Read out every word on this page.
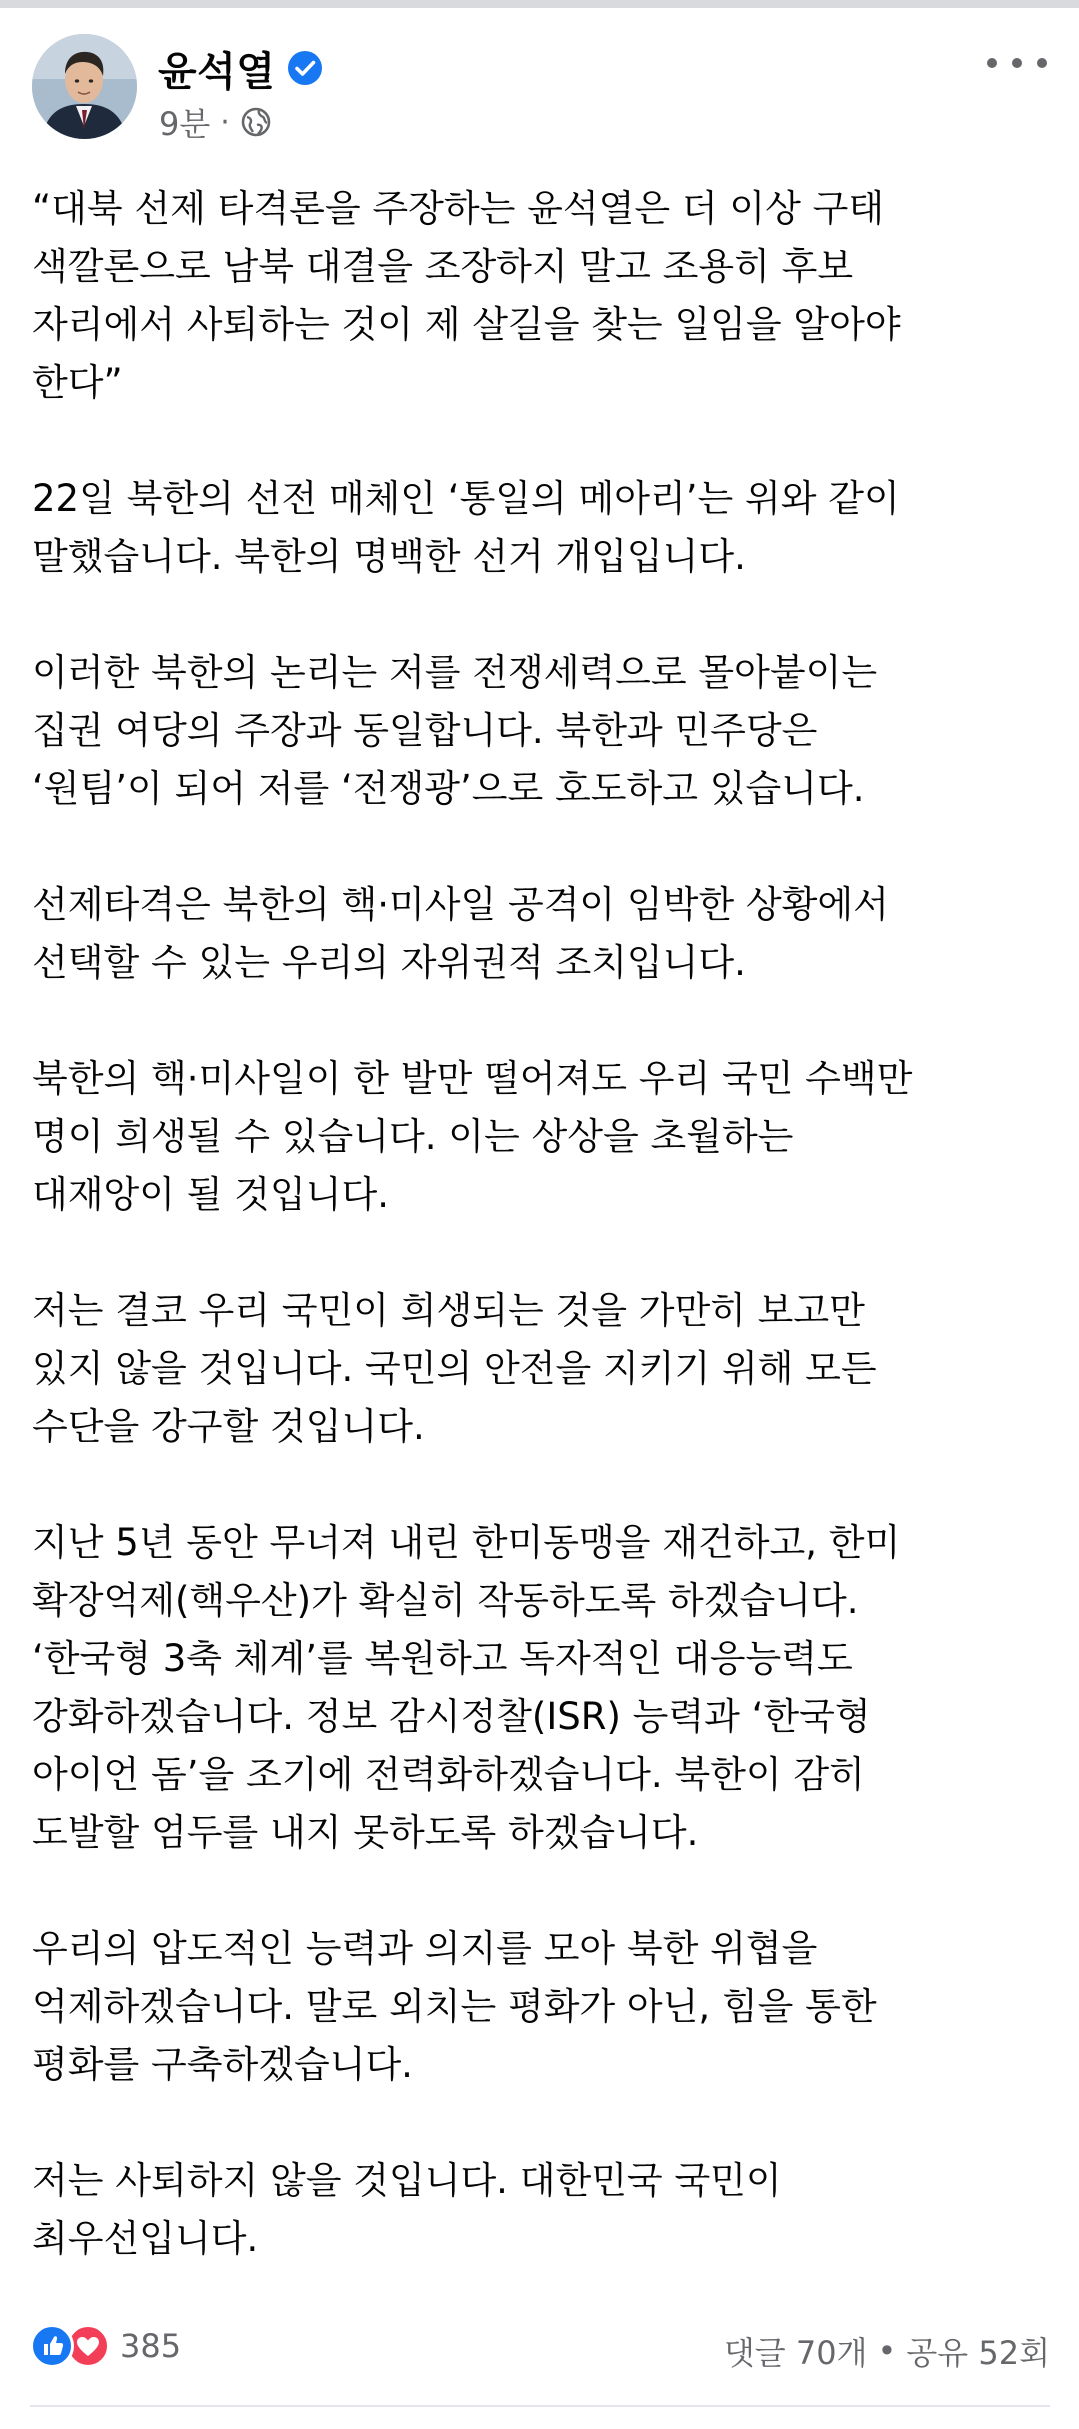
윤석열
9분 ·
“대북 선제 타격론을 주장하는 윤석열은 더 이상 구태
색깔론으로 남북 대결을 조장하지 말고 조용히 후보
자리에서 사퇴하는 것이 제 살길을 찾는 일임을 알아야
한다”
22일 북한의 선전 매체인 ‘통일의 메아리’는 위와 같이
말했습니다. 북한의 명백한 선거 개입입니다.
이러한 북한의 논리는 저를 전쟁세력으로 몰아붙이는
집권 여당의 주장과 동일합니다. 북한과 민주당은
‘원팀’이 되어 저를 ‘전쟁광’으로 호도하고 있습니다.
선제타격은 북한의 핵·미사일 공격이 임박한 상황에서
선택할 수 있는 우리의 자위권적 조치입니다.
북한의 핵·미사일이 한 발만 떨어져도 우리 국민 수백만
명이 희생될 수 있습니다. 이는 상상을 초월하는
대재앙이 될 것입니다.
저는 결코 우리 국민이 희생되는 것을 가만히 보고만
있지 않을 것입니다. 국민의 안전을 지키기 위해 모든
수단을 강구할 것입니다.
지난 5년 동안 무너져 내린 한미동맹을 재건하고, 한미
확장억제(핵우산)가 확실히 작동하도록 하겠습니다.
‘한국형 3축 체계’를 복원하고 독자적인 대응능력도
강화하겠습니다. 정보 감시정찰(ISR) 능력과 ‘한국형
아이언 돔’을 조기에 전력화하겠습니다. 북한이 감히
도발할 엄두를 내지 못하도록 하겠습니다.
우리의 압도적인 능력과 의지를 모아 북한 위협을
억제하겠습니다. 말로 외치는 평화가 아닌, 힘을 통한
평화를 구축하겠습니다.
저는 사퇴하지 않을 것입니다. 대한민국 국민이
최우선입니다.
385	댓글 70개 • 공유 52회
